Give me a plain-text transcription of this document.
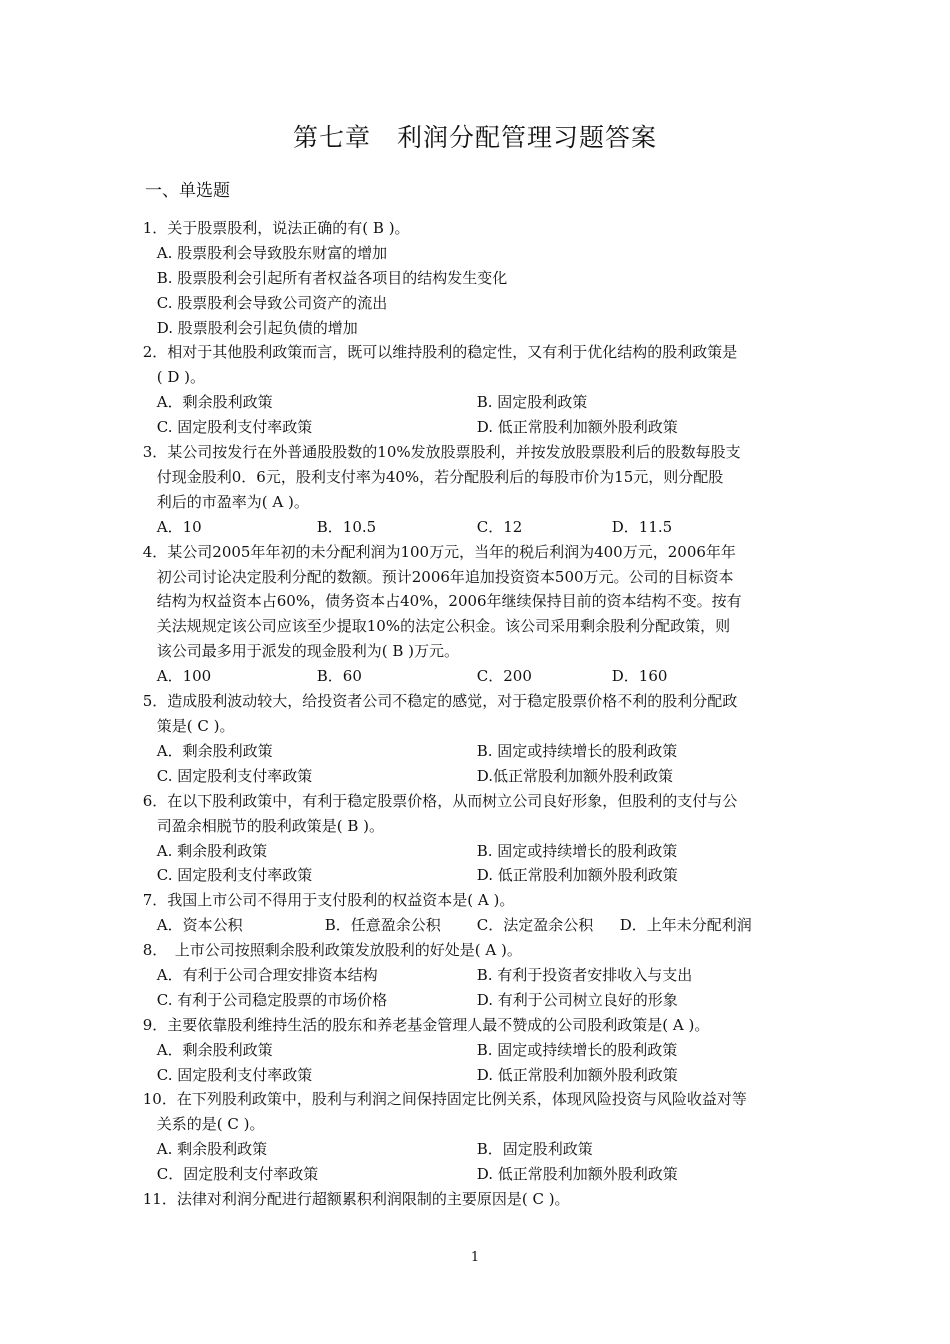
第七章　利润分配管理习题答案
一、单选题
1．关于股票股利，说法正确的有( B )。
A. 股票股利会导致股东财富的增加
B. 股票股利会引起所有者权益各项目的结构发生变化
C. 股票股利会导致公司资产的流出
D. 股票股利会引起负债的增加
2．相对于其他股利政策而言，既可以维持股利的稳定性，又有利于优化结构的股利政策是
( D )。
A．剩余股利政策	B. 固定股利政策
C. 固定股利支付率政策	D. 低正常股利加额外股利政策
3．某公司按发行在外普通股股数的10%发放股票股利，并按发放股票股利后的股数每股支
付现金股利0．6元，股利支付率为40%，若分配股利后的每股市价为15元，则分配股
利后的市盈率为( A )。
A．10	B．10.5	C．12	D．11.5
4．某公司2005年年初的未分配利润为100万元，当年的税后利润为400万元，2006年年
初公司讨论决定股利分配的数额。预计2006年追加投资资本500万元。公司的目标资本
结构为权益资本占60%，债务资本占40%，2006年继续保持目前的资本结构不变。按有
关法规规定该公司应该至少提取10%的法定公积金。该公司采用剩余股利分配政策，则
该公司最多用于派发的现金股利为( B )万元。
A．100	B．60	C．200	D．160
5．造成股利波动较大，给投资者公司不稳定的感觉，对于稳定股票价格不利的股利分配政
策是( C )。
A．剩余股利政策	B. 固定或持续增长的股利政策
C. 固定股利支付率政策	D.低正常股利加额外股利政策
6．在以下股利政策中，有利于稳定股票价格，从而树立公司良好形象，但股利的支付与公
司盈余相脱节的股利政策是( B )。
A. 剩余股利政策	B. 固定或持续增长的股利政策
C. 固定股利支付率政策	D. 低正常股利加额外股利政策
7．我国上市公司不得用于支付股利的权益资本是( A )。
A．资本公积	B．任意盈余公积 C．法定盈余公积 D．上年未分配利润
8．　上市公司按照剩余股利政策发放股利的好处是( A )。
A．有利于公司合理安排资本结构	B. 有利于投资者安排收入与支出
C. 有利于公司稳定股票的市场价格	D. 有利于公司树立良好的形象
9．主要依靠股利维持生活的股东和养老基金管理人最不赞成的公司股利政策是( A )。
A．剩余股利政策	B. 固定或持续增长的股利政策
C. 固定股利支付率政策	D. 低正常股利加额外股利政策
10．在下列股利政策中，股利与利润之间保持固定比例关系，体现风险投资与风险收益对等
关系的是( C )。
A. 剩余股利政策	B．固定股利政策
C．固定股利支付率政策	D. 低正常股利加额外股利政策
11．法律对利润分配进行超额累积利润限制的主要原因是( C )。
1
